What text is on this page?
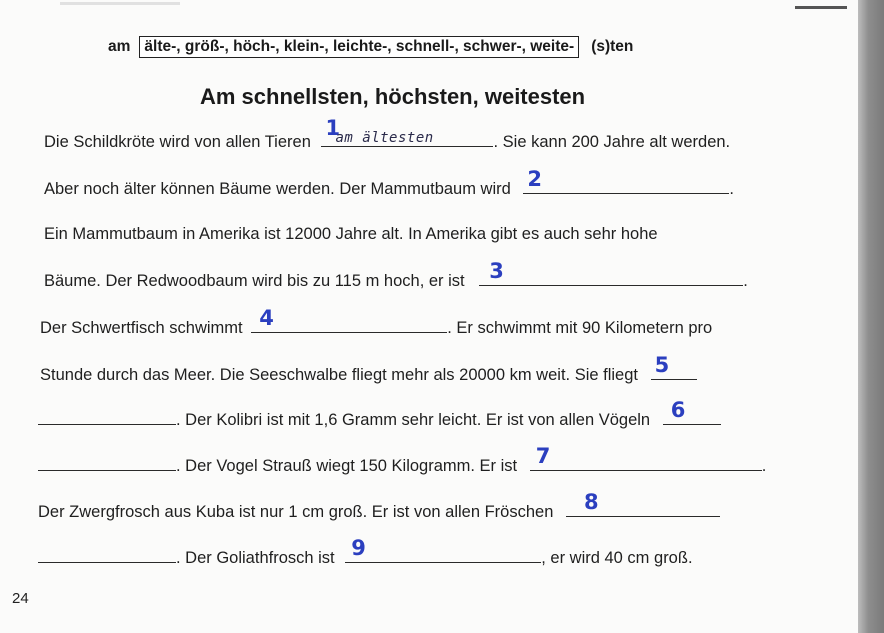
am älte-, größ-, höch-, klein-, leichte-, schnell-, schwer-, weite-	(s)ten
Am schnellsten, höchsten, weitesten
Die Schildkröte wird von allen Tieren
1
am ältesten	. Sie kann 200 Jahre alt werden.
Aber noch älter können Bäume werden. Der Mammutbaum wird 2	.
Ein Mammutbaum in Amerika ist 12000 Jahre alt. In Amerika gibt es auch sehr hohe
Bäume. Der Redwoodbaum wird bis zu 115 m hoch, er ist 3	.
Der Schwertfisch schwimmt 4	. Er schwimmt mit 90 Kilometern pro
Stunde durch das Meer. Die Seeschwalbe fliegt mehr als 20000 km weit. Sie fliegt 5
. Der Kolibri ist mit 1,6 Gramm sehr leicht. Er ist von allen Vögeln 6
. Der Vogel Strauß wiegt 150 Kilogramm. Er ist 7	.
Der Zwergfrosch aus Kuba ist nur 1 cm groß. Er ist von allen Fröschen 8
. Der Goliathfrosch ist 9	, er wird 40 cm groß.
24
